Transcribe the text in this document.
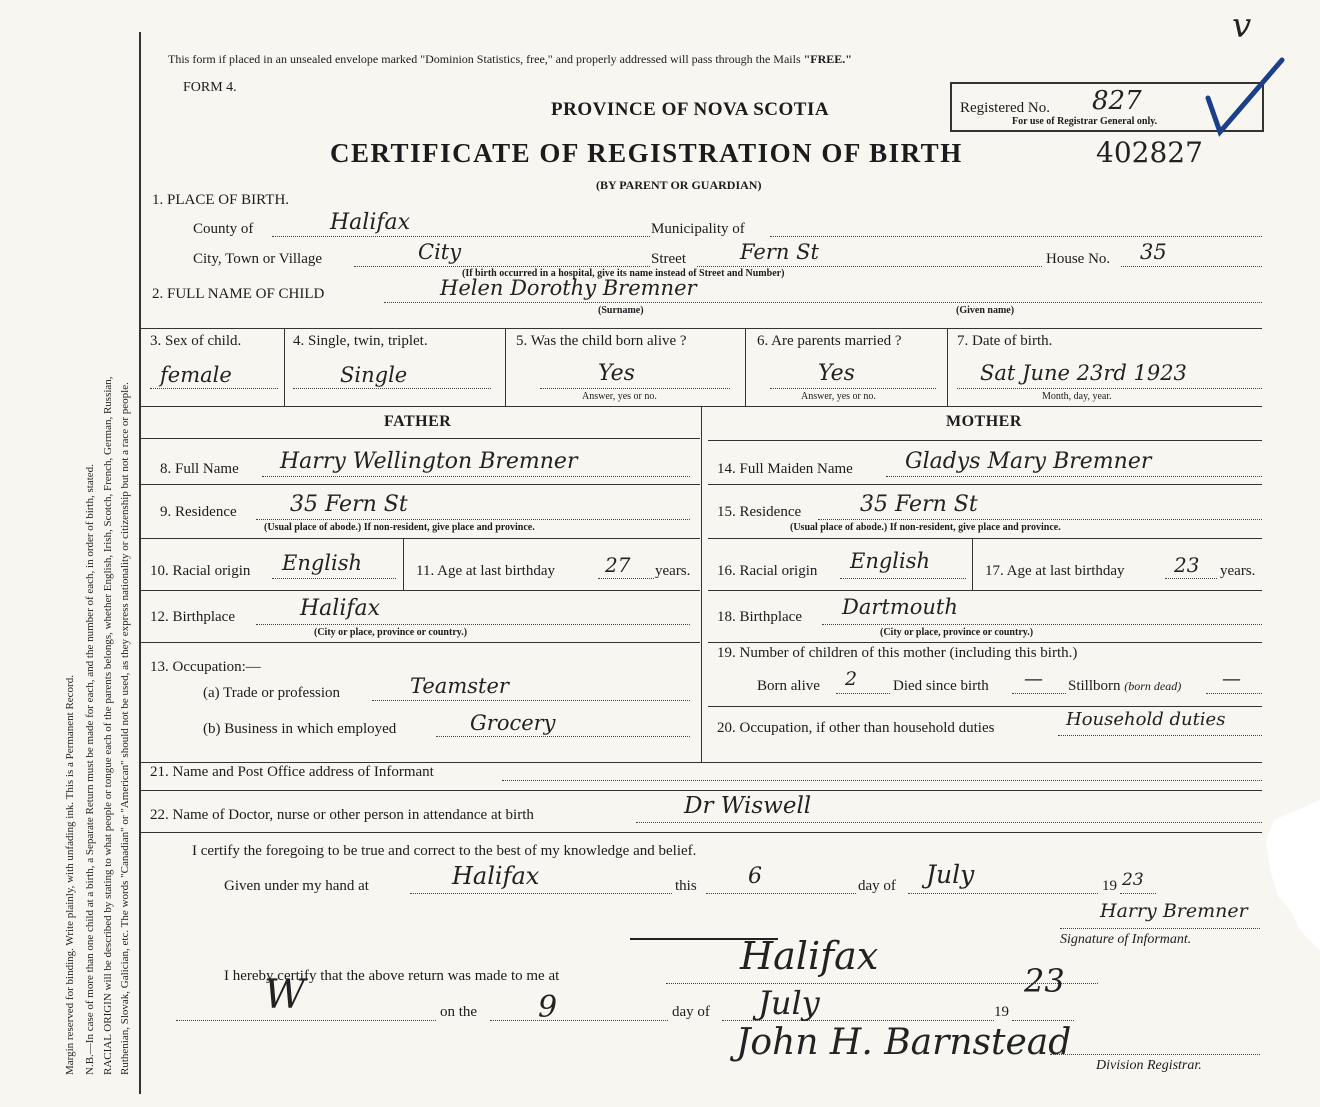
Margin reserved for binding. Write plainly, with unfading ink. This is a Permanent Record. N.B.—In case of more than one child at a birth, a Separate Return must be made for each, and the number of each, in order of birth, stated. RACIAL ORIGIN will be described by stating to what people or tongue each of the parents belongs, whether English, Irish, Scotch, French, German, Russian, Ruthenian, Slovak, Galician, etc. The words "Canadian" or "American" should not be used, as they express nationality or citizenship but not a race or people.
This form if placed in an unsealed envelope marked "Dominion Statistics, free," and properly addressed will pass through the Mails "FREE."
FORM 4.
PROVINCE OF NOVA SCOTIA	Registered No. 827
For use of Registrar General only.
v
CERTIFICATE OF REGISTRATION OF BIRTH	402827
(BY PARENT OR GUARDIAN)
1. PLACE OF BIRTH.
County of	Halifax	Municipality of
City, Town or Village	City	Street	Fern St
(If birth occurred in a hospital, give its name instead of Street and Number)
House No. 35
2. FULL NAME OF CHILD	Helen Dorothy Bremner
(Surname)	(Given name)
3. Sex of child.
female
4. Single, twin, triplet.
Single
5. Was the child born alive ?
Yes
Answer, yes or no.
6. Are parents married ?
Yes
Answer, yes or no.
7. Date of birth.
Sat June 23rd 1923
Month, day, year.
FATHER	MOTHER
8. Full Name Harry Wellington Bremner
9. Residence 35 Fern St
(Usual place of abode.) If non-resident, give place and province.
10. Racial origin English	11. Age at last birthday	27 years.
12. Birthplace	Halifax
(City or place, province or country.)
13. Occupation:—
(a) Trade or profession	Teamster
(b) Business in which employed	Grocery
14. Full Maiden Name Gladys Mary Bremner
15. Residence	35 Fern St
(Usual place of abode.) If non-resident, give place and province.
16. Racial origin English	17. Age at last birthday 23 years.
18. Birthplace Dartmouth
(City or place, province or country.)
19. Number of children of this mother (including this birth.)
Born alive 2 Died since birth — Stillborn (born dead) —
20. Occupation, if other than household duties	Household duties
21. Name and Post Office address of Informant
22. Name of Doctor, nurse or other person in attendance at birth	Dr Wiswell
I certify the foregoing to be true and correct to the best of my knowledge and belief.
Given under my hand at	Halifax	this 6	day of July	19 23
Harry Bremner
Signature of Informant.
I hereby certify that the above return was made to me at	Halifax
W	on the 9	day of July	19
23
John H. Barnstead
Division Registrar.
